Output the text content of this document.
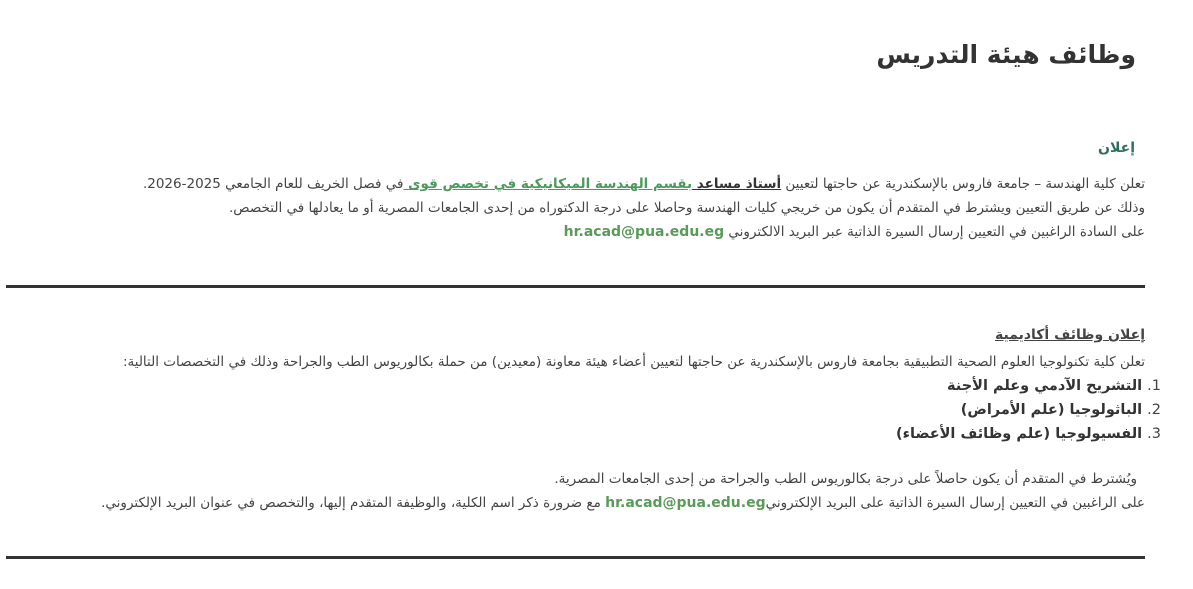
وظائف هيئة التدريس
إعلان
تعلن كلية الهندسة – جامعة فاروس بالإسكندرية عن حاجتها لتعيين أستاذ مساعد بقسم الهندسة الميكانيكية في تخصص قوى في فصل الخريف للعام الجامعي 2025-2026.
وذلك عن طريق التعيين ويشترط في المتقدم أن يكون من خريجي كليات الهندسة وحاصلا على درجة الدكتوراه من إحدى الجامعات المصرية أو ما يعادلها في التخصص.
على السادة الراغبين في التعيين إرسال السيرة الذاتية عبر البريد الالكتروني hr.acad@pua.edu.eg
إعلان وظائف أكاديمية
تعلن كلية تكنولوجيا العلوم الصحية التطبيقية بجامعة فاروس بالإسكندرية عن حاجتها لتعيين أعضاء هيئة معاونة (معيدين) من حملة بكالوريوس الطب والجراحة وذلك في التخصصات التالية:
1.
التشريح الآدمي وعلم الأجنة
2.
الباثولوجيا (علم الأمراض)
3.
الفسيولوجيا (علم وظائف الأعضاء)
ويُشترط في المتقدم أن يكون حاصلاً على درجة بكالوريوس الطب والجراحة من إحدى الجامعات المصرية.
على الراغبين في التعيين إرسال السيرة الذاتية على البريد الإلكترونيhr.acad@pua.edu.eg مع ضرورة ذكر اسم الكلية، والوظيفة المتقدم إليها، والتخصص في عنوان البريد الإلكتروني.
